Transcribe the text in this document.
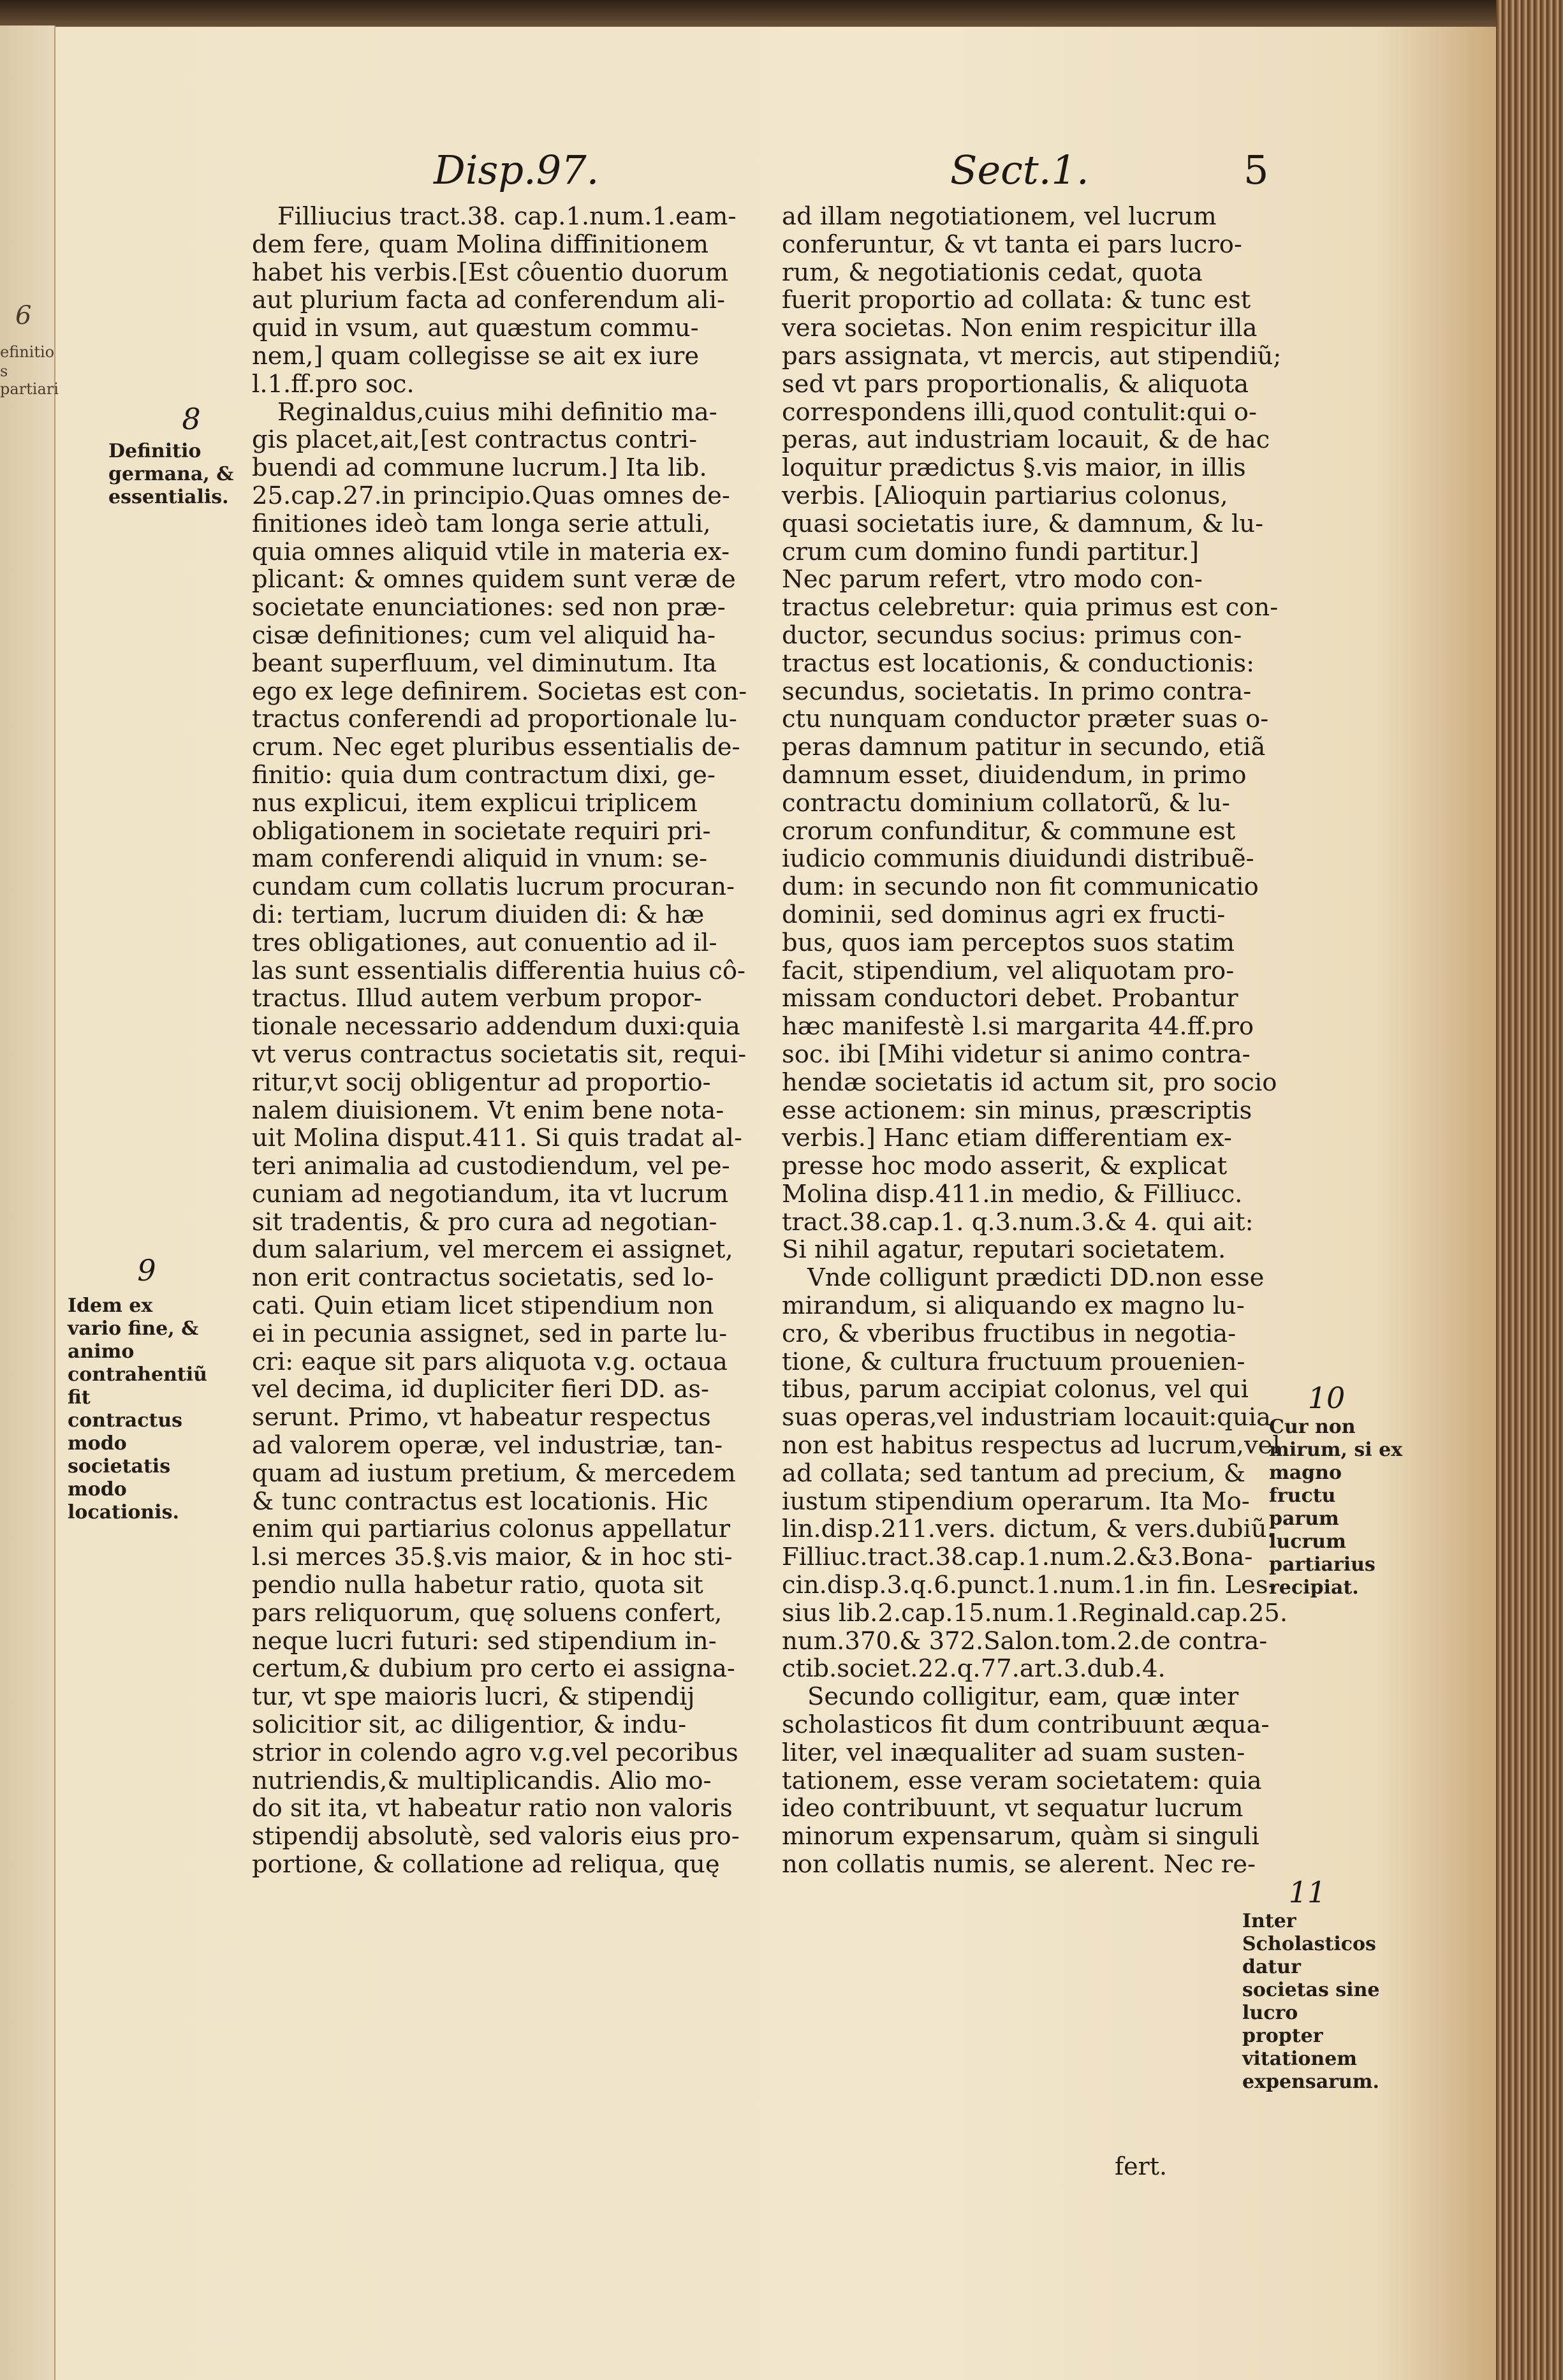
6
efinitio
s partiari
Disp.97.	Sect.1.	5

Filliucius tract.38. cap.1.num.1.eam-

dem fere, quam Molina diffinitionem

habet his verbis.[Est côuentio duorum

aut plurium facta ad conferendum ali-

quid in vsum, aut quæstum commu-

nem,] quam collegisse se ait ex iure

l.1.ff.pro soc.

Reginaldus,cuius mihi definitio ma-

gis placet,ait,[est contractus contri-

buendi ad commune lucrum.] Ita lib.

25.cap.27.in principio.Quas omnes de-

finitiones ideò tam longa serie attuli,

quia omnes aliquid vtile in materia ex-

plicant: & omnes quidem sunt veræ de

societate enunciationes: sed non præ-

cisæ definitiones; cum vel aliquid ha-

beant superfluum, vel diminutum. Ita

ego ex lege definirem. Societas est con-

tractus conferendi ad proportionale lu-

crum. Nec eget pluribus essentialis de-

finitio: quia dum contractum dixi, ge-

nus explicui, item explicui triplicem

obligationem in societate requiri pri-

mam conferendi aliquid in vnum: se-

cundam cum collatis lucrum procuran-

di: tertiam, lucrum diuiden di: & hæ

tres obligationes, aut conuentio ad il-

las sunt essentialis differentia huius cô-

tractus. Illud autem verbum propor-

tionale necessario addendum duxi:quia

vt verus contractus societatis sit, requi-

ritur,vt socij obligentur ad proportio-

nalem diuisionem. Vt enim bene nota-

uit Molina disput.411. Si quis tradat al-

teri animalia ad custodiendum, vel pe-

cuniam ad negotiandum, ita vt lucrum

sit tradentis, & pro cura ad negotian-

dum salarium, vel mercem ei assignet,

non erit contractus societatis, sed lo-

cati. Quin etiam licet stipendium non

ei in pecunia assignet, sed in parte lu-

cri: eaque sit pars aliquota v.g. octaua

vel decima, id dupliciter fieri DD. as-

serunt. Primo, vt habeatur respectus

ad valorem operæ, vel industriæ, tan-

quam ad iustum pretium, & mercedem

& tunc contractus est locationis. Hic

enim qui partiarius colonus appellatur

l.si merces 35.§.vis maior, & in hoc sti-

pendio nulla habetur ratio, quota sit

pars reliquorum, quę soluens confert,

neque lucri futuri: sed stipendium in-

certum,& dubium pro certo ei assigna-

tur, vt spe maioris lucri, & stipendij

solicitior sit, ac diligentior, & indu-

strior in colendo agro v.g.vel pecoribus

nutriendis,& multiplicandis. Alio mo-

do sit ita, vt habeatur ratio non valoris

stipendij absolutè, sed valoris eius pro-

portione, & collatione ad reliqua, quę

ad illam negotiationem, vel lucrum

conferuntur, & vt tanta ei pars lucro-

rum, & negotiationis cedat, quota

fuerit proportio ad collata: & tunc est

vera societas. Non enim respicitur illa

pars assignata, vt mercis, aut stipendiũ;

sed vt pars proportionalis, & aliquota

correspondens illi,quod contulit:qui o-

peras, aut industriam locauit, & de hac

loquitur prædictus §.vis maior, in illis

verbis. [Alioquin partiarius colonus,

quasi societatis iure, & damnum, & lu-

crum cum domino fundi partitur.]

Nec parum refert, vtro modo con-

tractus celebretur: quia primus est con-

ductor, secundus socius: primus con-

tractus est locationis, & conductionis:

secundus, societatis. In primo contra-

ctu nunquam conductor præter suas o-

peras damnum patitur in secundo, etiã

damnum esset, diuidendum, in primo

contractu dominium collatorũ, & lu-

crorum confunditur, & commune est

iudicio communis diuidundi distribuẽ-

dum: in secundo non fit communicatio

dominii, sed dominus agri ex fructi-

bus, quos iam perceptos suos statim

facit, stipendium, vel aliquotam pro-

missam conductori debet. Probantur

hæc manifestè l.si margarita 44.ff.pro

soc. ibi [Mihi videtur si animo contra-

hendæ societatis id actum sit, pro socio

esse actionem: sin minus, præscriptis

verbis.] Hanc etiam differentiam ex-

presse hoc modo asserit, & explicat

Molina disp.411.in medio, & Filliucc.

tract.38.cap.1. q.3.num.3.& 4. qui ait:

Si nihil agatur, reputari societatem.

Vnde colligunt prædicti DD.non esse

mirandum, si aliquando ex magno lu-

cro, & vberibus fructibus in negotia-

tione, & cultura fructuum prouenien-

tibus, parum accipiat colonus, vel qui

suas operas,vel industriam locauit:quia

non est habitus respectus ad lucrum,vel

ad collata; sed tantum ad precium, &

iustum stipendium operarum. Ita Mo-

lin.disp.211.vers. dictum, & vers.dubiũ.

Filliuc.tract.38.cap.1.num.2.&3.Bona-

cin.disp.3.q.6.punct.1.num.1.in fin. Les-

sius lib.2.cap.15.num.1.Reginald.cap.25.

num.370.& 372.Salon.tom.2.de contra-

ctib.societ.22.q.77.art.3.dub.4.

Secundo colligitur, eam, quæ inter

scholasticos fit dum contribuunt æqua-

liter, vel inæqualiter ad suam susten-

tationem, esse veram societatem: quia

ideo contribuunt, vt sequatur lucrum

minorum expensarum, quàm si singuli

non collatis numis, se alerent. Nec re-

fert.
8
Definitio germana, & essentialis.
9
Idem ex vario fine, & animo contrahentiũ fit contractus modo societatis modo locationis.
10
Cur non mirum, si ex magno fructu parum lucrum partiarius recipiat.
11
Inter Scholasticos datur societas sine lucro propter vitationem expensarum.
